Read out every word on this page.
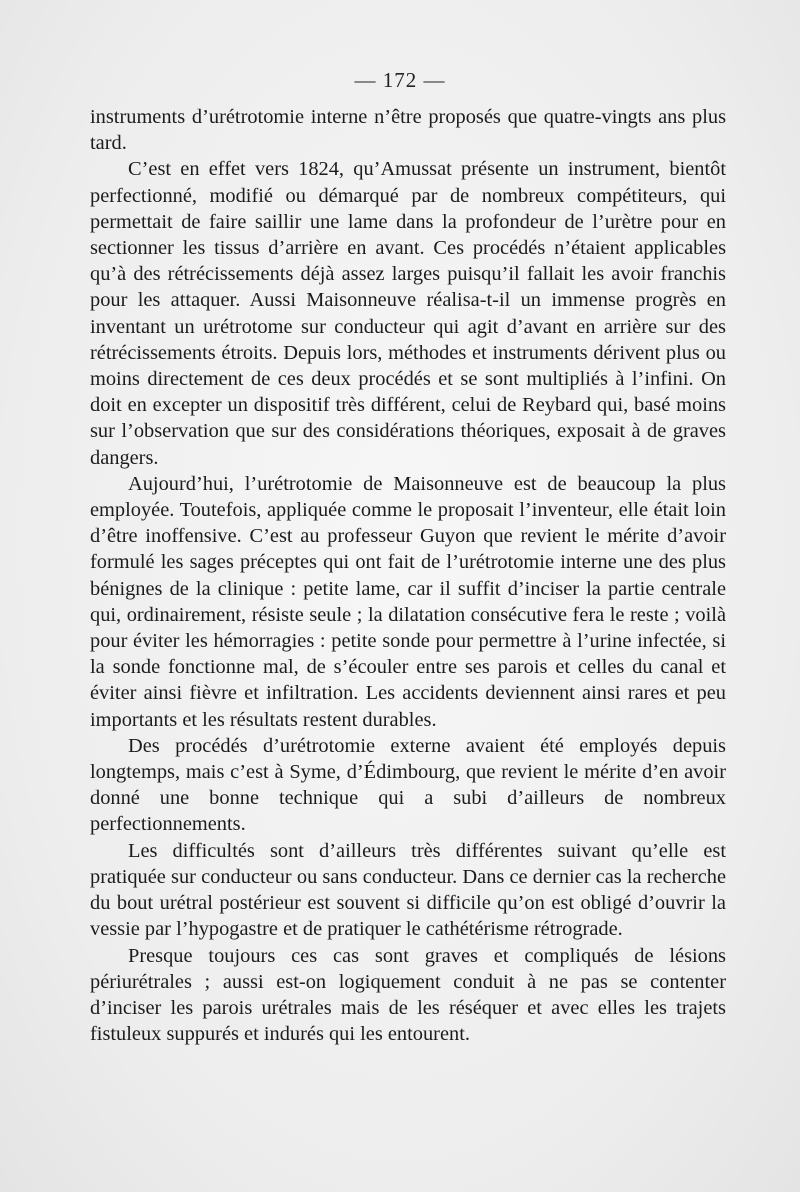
— 172 —

instruments d’urétrotomie interne n’être proposés que quatre-vingts ans plus tard.

C’est en effet vers 1824, qu’Amussat présente un instrument, bientôt perfectionné, modifié ou démarqué par de nombreux compétiteurs, qui permettait de faire saillir une lame dans la profondeur de l’urètre pour en sectionner les tissus d’arrière en avant. Ces procédés n’étaient applicables qu’à des rétrécissements déjà assez larges puisqu’il fallait les avoir franchis pour les attaquer. Aussi Maisonneuve réalisa-t-il un immense progrès en inventant un urétrotome sur conducteur qui agit d’avant en arrière sur des rétrécissements étroits. Depuis lors, méthodes et instruments dérivent plus ou moins directement de ces deux procédés et se sont multipliés à l’infini. On doit en excepter un dispositif très différent, celui de Reybard qui, basé moins sur l’observation que sur des considérations théoriques, exposait à de graves dangers.

Aujourd’hui, l’urétrotomie de Maisonneuve est de beaucoup la plus employée. Toutefois, appliquée comme le proposait l’inventeur, elle était loin d’être inoffensive. C’est au professeur Guyon que revient le mérite d’avoir formulé les sages préceptes qui ont fait de l’urétrotomie interne une des plus bénignes de la clinique : petite lame, car il suffit d’inciser la partie centrale qui, ordinairement, résiste seule ; la dilatation consécutive fera le reste ; voilà pour éviter les hémorragies : petite sonde pour permettre à l’urine infectée, si la sonde fonctionne mal, de s’écouler entre ses parois et celles du canal et éviter ainsi fièvre et infiltration. Les accidents deviennent ainsi rares et peu importants et les résultats restent durables.

Des procédés d’urétrotomie externe avaient été employés depuis longtemps, mais c’est à Syme, d’Édimbourg, que revient le mérite d’en avoir donné une bonne technique qui a subi d’ailleurs de nombreux perfectionnements.

Les difficultés sont d’ailleurs très différentes suivant qu’elle est pratiquée sur conducteur ou sans conducteur. Dans ce dernier cas la recherche du bout urétral postérieur est souvent si difficile qu’on est obligé d’ouvrir la vessie par l’hypogastre et de pratiquer le cathétérisme rétrograde.

Presque toujours ces cas sont graves et compliqués de lésions périurétrales ; aussi est-on logiquement conduit à ne pas se contenter d’inciser les parois urétrales mais de les réséquer et avec elles les trajets fistuleux suppurés et indurés qui les entourent.
